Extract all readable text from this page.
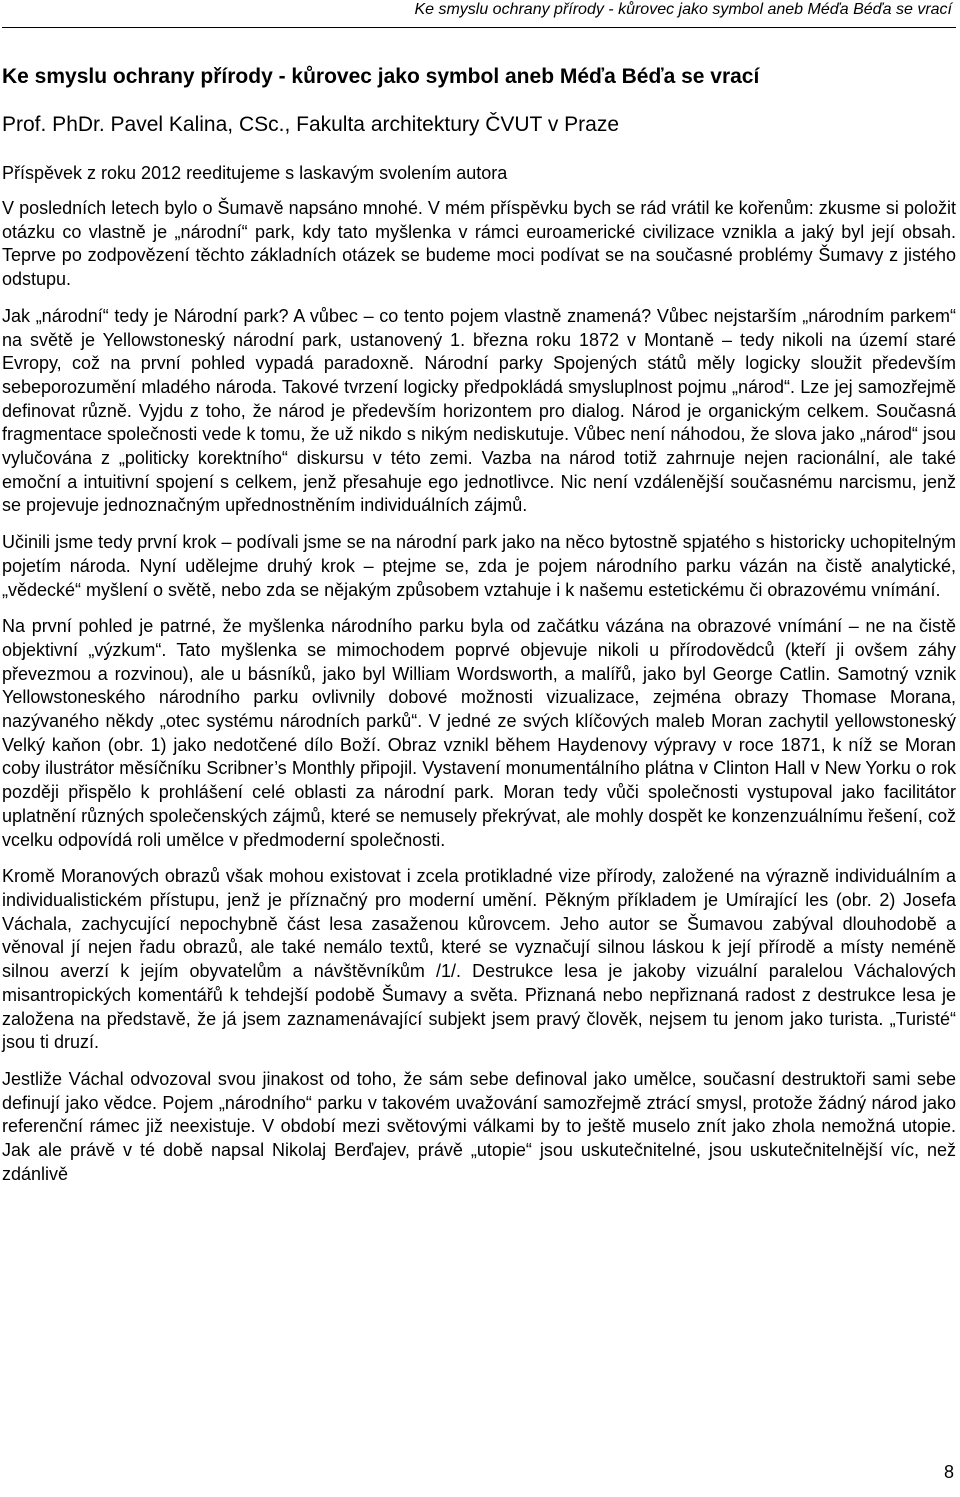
Ke smyslu ochrany přírody - kůrovec jako symbol aneb Méďa Béďa se vrací
Ke smyslu ochrany přírody - kůrovec jako symbol aneb Méďa Béďa se vrací
Prof. PhDr. Pavel Kalina, CSc., Fakulta architektury ČVUT v Praze
Příspěvek z roku 2012 reeditujeme s laskavým svolením autora

V posledních letech bylo o Šumavě napsáno mnohé. V mém příspěvku bych se rád vrátil ke kořenům: zkusme si položit otázku co vlastně je „národní“ park, kdy tato myšlenka v rámci euroamerické civilizace vznikla a jaký byl její obsah. Teprve po zodpovězení těchto základních otázek se budeme moci podívat se na současné problémy Šumavy z jistého odstupu.

Jak „národní“ tedy je Národní park? A vůbec – co tento pojem vlastně znamená? Vůbec nejstarším „národním parkem“ na světě je Yellowstoneský národní park, ustanovený 1. března roku 1872 v Montaně – tedy nikoli na území staré Evropy, což na první pohled vypadá paradoxně. Národní parky Spojených států měly logicky sloužit především sebeporozumění mladého národa. Takové tvrzení logicky předpokládá smysluplnost pojmu „národ“. Lze jej samozřejmě definovat různě. Vyjdu z toho, že národ je především horizontem pro dialog. Národ je organickým celkem. Současná fragmentace společnosti vede k tomu, že už nikdo s nikým nediskutuje. Vůbec není náhodou, že slova jako „národ“ jsou vylučována z „politicky korektního“ diskursu v této zemi. Vazba na národ totiž zahrnuje nejen racionální, ale také emoční a intuitivní spojení s celkem, jenž přesahuje ego jednotlivce. Nic není vzdálenější současnému narcismu, jenž se projevuje jednoznačným upřednostněním individuálních zájmů.

Učinili jsme tedy první krok – podívali jsme se na národní park jako na něco bytostně spjatého s historicky uchopitelným pojetím národa. Nyní udělejme druhý krok – ptejme se, zda je pojem národního parku vázán na čistě analytické, „vědecké“ myšlení o světě, nebo zda se nějakým způsobem vztahuje i k našemu estetickému či obrazovému vnímání.

Na první pohled je patrné, že myšlenka národního parku byla od začátku vázána na obrazové vnímání – ne na čistě objektivní „výzkum“. Tato myšlenka se mimochodem poprvé objevuje nikoli u přírodovědců (kteří ji ovšem záhy převezmou a rozvinou), ale u básníků, jako byl William Wordsworth, a malířů, jako byl George Catlin. Samotný vznik Yellowstoneského národního parku ovlivnily dobové možnosti vizualizace, zejména obrazy Thomase Morana, nazývaného někdy „otec systému národních parků“. V jedné ze svých klíčových maleb Moran zachytil yellowstoneský Velký kaňon (obr. 1) jako nedotčené dílo Boží. Obraz vznikl během Haydenovy výpravy v roce 1871, k níž se Moran coby ilustrátor měsíčníku Scribner’s Monthly připojil. Vystavení monumentálního plátna v Clinton Hall v New Yorku o rok později přispělo k prohlášení celé oblasti za národní park. Moran tedy vůči společnosti vystupoval jako facilitátor uplatnění různých společenských zájmů, které se nemusely překrývat, ale mohly dospět ke konzenzuálnímu řešení, což vcelku odpovídá roli umělce v předmoderní společnosti.

Kromě Moranových obrazů však mohou existovat i zcela protikladné vize přírody, založené na výrazně individuálním a individualistickém přístupu, jenž je příznačný pro moderní umění. Pěkným příkladem je Umírající les (obr. 2) Josefa Váchala, zachycující nepochybně část lesa zasaženou kůrovcem. Jeho autor se Šumavou zabýval dlouhodobě a věnoval jí nejen řadu obrazů, ale také nemálo textů, které se vyznačují silnou láskou k její přírodě a místy neméně silnou averzí k jejím obyvatelům a návštěvníkům /1/. Destrukce lesa je jakoby vizuální paralelou Váchalových misantropických komentářů k tehdejší podobě Šumavy a světa. Přiznaná nebo nepřiznaná radost z destrukce lesa je založena na představě, že já jsem zaznamenávající subjekt jsem pravý člověk, nejsem tu jenom jako turista. „Turisté“ jsou ti druzí.

Jestliže Váchal odvozoval svou jinakost od toho, že sám sebe definoval jako umělce, současní destruktoři sami sebe definují jako vědce. Pojem „národního“ parku v takovém uvažování samozřejmě ztrácí smysl, protože žádný národ jako referenční rámec již neexistuje. V období mezi světovými válkami by to ještě muselo znít jako zhola nemožná utopie. Jak ale právě v té době napsal Nikolaj Berďajev, právě „utopie“ jsou uskutečnitelné, jsou uskutečnitelnější víc, než zdánlivě

8
